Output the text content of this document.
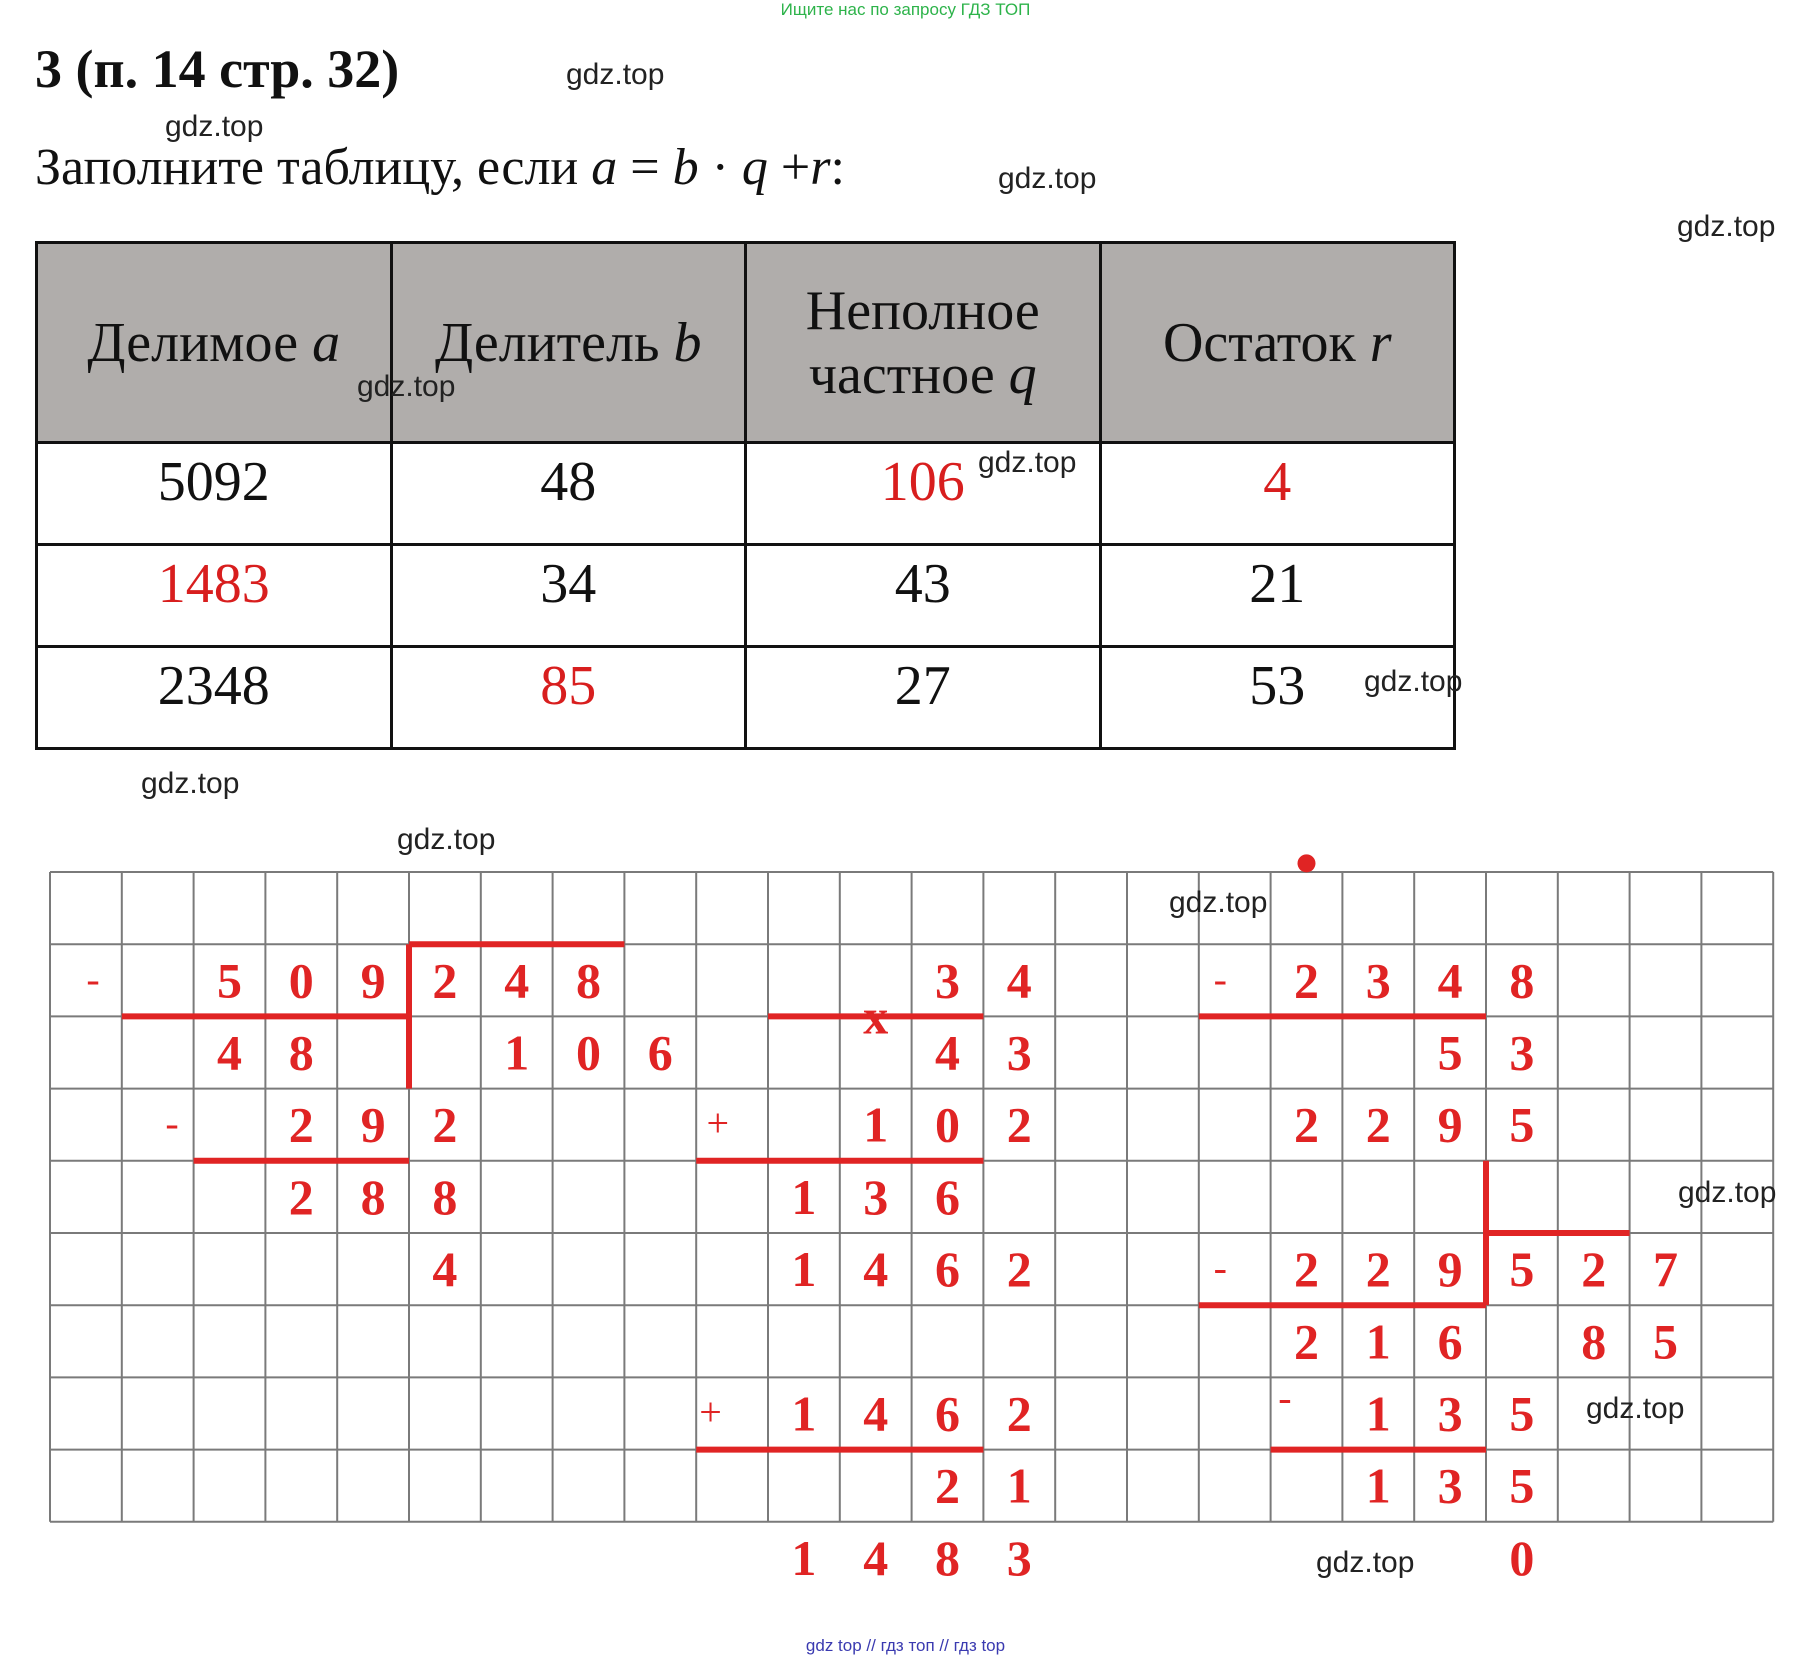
Ищите нас по запросу ГДЗ ТОП
3 (п. 14 стр. 32)
Заполните таблицу, если a = b · q +r:
Делимое a	Делитель b	Неполное частное q	Остаток r
5092	48	106	4
1483	34	43	21
2348	85	27	53
5 0 9 2 4 8
4 8	1 0 6
2 9 2
2 8 8
4
3 4
x
4 3
1 0 2
1 3 6
1 4 6 2
1 4 6 2
2 1
1 4 8 3
2 3 4 8
5 3
2 2 9 5
2 2 9 5 2 7
2 1 6 8 5
1 3 5
1 3 5
0
-
-	+
+
-
-
-
gdz.top
gdz.top
gdz.top
gdz.top
gdz.top
gdz.top
gdz.top
gdz.top
gdz.top
gdz.top
gdz.top
gdz.top
gdz.top
gdz top // гдз топ // гдз top
